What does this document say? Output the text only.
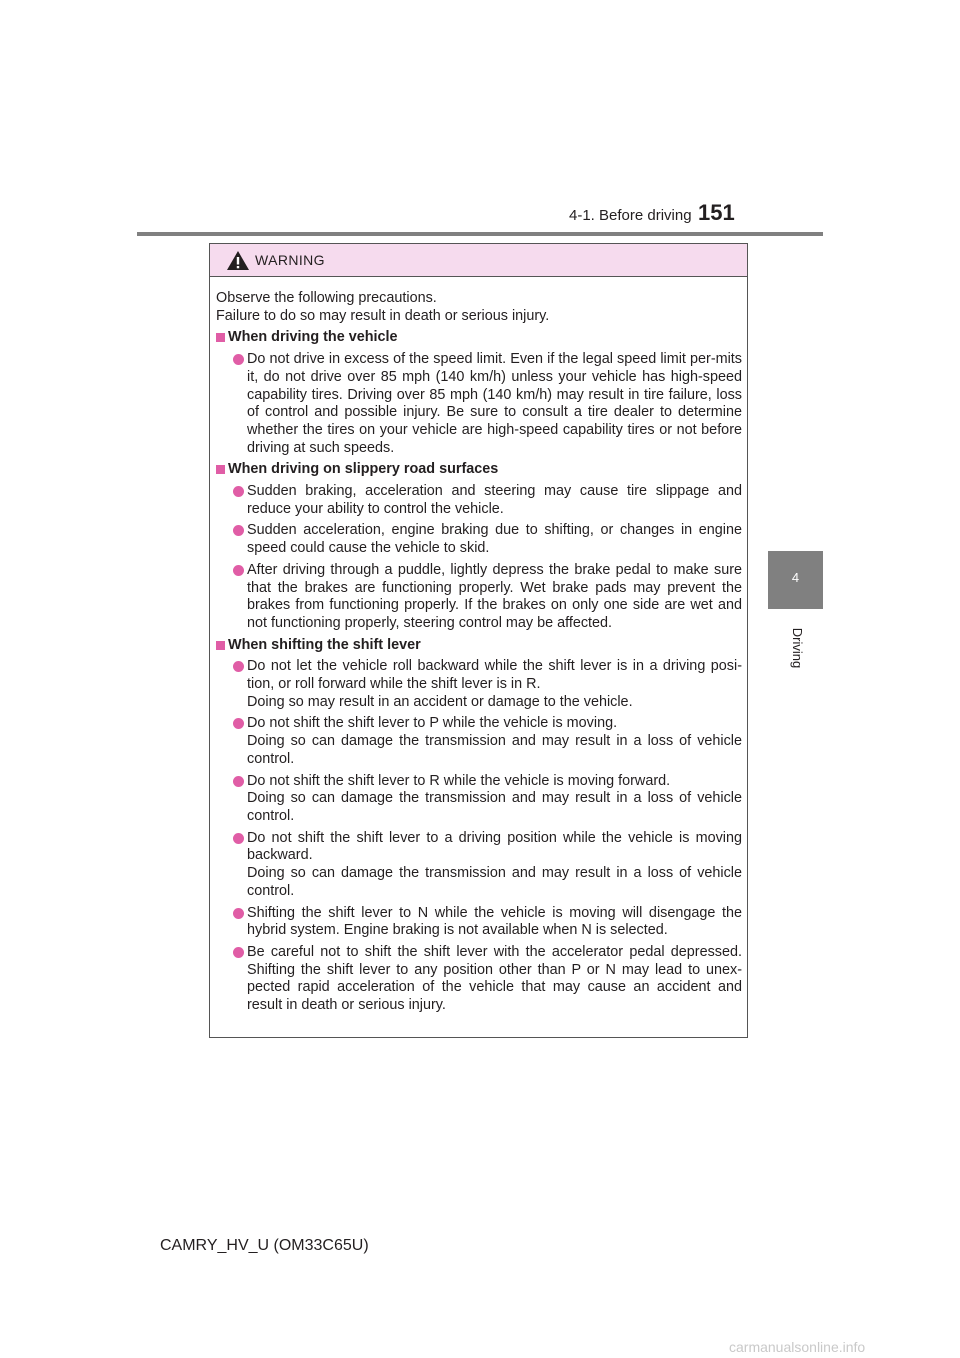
4-1. Before driving 151
4
Driving
WARNING

Observe the following precautions.
Failure to do so may result in death or serious injury.

When driving the vehicle

Do not drive in excess of the speed limit. Even if the legal speed limit per-mits it, do not drive over 85 mph (140 km/h) unless your vehicle has high-speed capability tires. Driving over 85 mph (140 km/h) may result in tire failure, loss of control and possible injury. Be sure to consult a tire dealer to determine whether the tires on your vehicle are high-speed capability tires or not before driving at such speeds.

When driving on slippery road surfaces

Sudden braking, acceleration and steering may cause tire slippage and reduce your ability to control the vehicle.
Sudden acceleration, engine braking due to shifting, or changes in engine speed could cause the vehicle to skid.
After driving through a puddle, lightly depress the brake pedal to make sure that the brakes are functioning properly. Wet brake pads may prevent the brakes from functioning properly. If the brakes on only one side are wet and not functioning properly, steering control may be affected.

When shifting the shift lever

Do not let the vehicle roll backward while the shift lever is in a driving posi-tion, or roll forward while the shift lever is in R.
Doing so may result in an accident or damage to the vehicle.
Do not shift the shift lever to P while the vehicle is moving.
Doing so can damage the transmission and may result in a loss of vehicle control.
Do not shift the shift lever to R while the vehicle is moving forward.
Doing so can damage the transmission and may result in a loss of vehicle control.
Do not shift the shift lever to a driving position while the vehicle is moving backward.
Doing so can damage the transmission and may result in a loss of vehicle control.
Shifting the shift lever to N while the vehicle is moving will disengage the hybrid system. Engine braking is not available when N is selected.
Be careful not to shift the shift lever with the accelerator pedal depressed. Shifting the shift lever to any position other than P or N may lead to unex-pected rapid acceleration of the vehicle that may cause an accident and result in death or serious injury.
CAMRY_HV_U (OM33C65U)
carmanualsonline.info
